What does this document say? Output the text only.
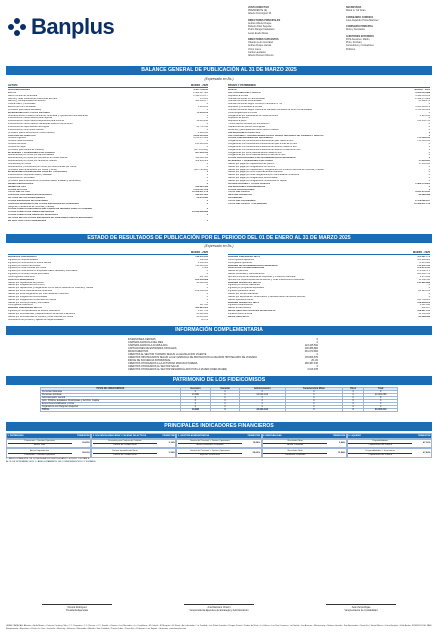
Banplus
JUNTA DIRECTIVA
PRESIDENTE (E)
Alberto Dominguez M.

DIRECTORES PRINCIPALES
Andrés Alberto Duque
Roberto Díaz Segovia
Pedro Rangel Castellano
Jesús Evelio Rivas

DIRECTORES SUPLENTES
Orlando León González
Andrés Duque Lamas
Víctor Lares
Carlos Landaeta
Alberto Romero Moreno
SECRETARIA
María G. Gil Teran

CONSEJERO JURIDICO
José Alejandro Prosa Martínez

COMISARIO PRINCIPAL
Mora y Asociados

AUDITORES EXTERNOS
RCS Asesores, Martin,
Pinto, Pozzato,
Consultores y Contadores
Públicos
BALANCE GENERAL DE PUBLICACIÓN AL 31 DE MARZO 2025
(Expresado en Bs.)
ACTIVO	MARZO - 2025
DISPONIBILIDADES	4.467.734.911
Efectivo	2.408.927.588
Banco Central de Venezuela	1.596.376.377
Bancos y otras instituciones financieras del país	179.663
Bancos y corresponsales del exterior	461.066.077
Oficina matriz y sucursales	0
Efectos de cobro inmediato	1.185.206
(Provisión para disponibilidades)	0
INVERSIONES EN TITULOS VALORES	74.356.878
Colocaciones en el Banco Central de Venezuela y Operaciones Interbancarias	0
Inversiones en títulos valores para negociar	0
Inversiones en títulos valores disponibles para la venta	39.816.298
Inversiones en títulos valores mantenidas hasta su vencimiento	0
Inversiones de disponibilidad restringida	30.772.532
Inversiones en otros títulos valores	0
(Provisión para inversiones en títulos valores)	3.968.048
CARTERA DE CRÉDITOS	6.234.411.930
Créditos vigentes	6.156.271.869
Créditos reestructurados	0
Créditos vencidos	215.606.030
Créditos en litigio	0
(Provisión para cartera de créditos)	(137.465.969)
INTERESES Y COMISIONES POR COBRAR	397.318.442
Rendimientos por cobrar por disponibilidades	0
Rendimientos por cobrar por inversiones en títulos valores	113.099.502
Rendimientos por cobrar por cartera de créditos	329.959.329
Comisiones por cobrar	0
Rendimientos y comisiones por cobrar por otras cuentas por cobrar	0
(Provisión para rendimientos por cobrar y otras)	(145.740.389)
INVERSIONES EN EMPRESAS FILIALES Y AFILIADAS	0
Inversiones en empresas filiales y afiliadas	0
Inversiones en sucursales	0
(Provisión para inversiones en empresas filiales, afiliadas y sucursales)	0
BIENES REALIZABLES	0
BIENES DE USO	643.695.580
OTROS ACTIVOS	1.652.007.019
TOTAL DEL ACTIVO	11.508.857.179
CUENTAS CONTINGENTES DEUDORAS	138.857.802
ACTIVOS DE LOS FIDEICOMISOS	23.870.890
OTROS ENCARGOS DE CONFIANZA	0
CUENTAS DEUDORAS POR OTROS ENCARGOS DE CONFIANZA	0
(Régimen Prestacional de Vivienda y Hábitat)
OTRAS CUENTAS DEUDORAS DEL FONDO DE AHORRO PARA LA VIVIENDA	0
OTRAS CUENTAS DE ORDEN DEUDORAS	13.340.239.888
OTRAS CUENTAS DE REGISTRO DEUDORAS	0
ACTIVOS DE LOS OTROS ENCARGOS DE CONFIANZA PARA OPERACIONES
EN CRIPTOACTIVOS SOBERANOS	0
PASIVO Y PATRIMONIO
PASIVO	MARZO - 2025
CAPTACIONES DEL PÚBLICO	6.652.005.699
Depósitos a la vista	6.490.603.169
Cuentas corrientes no remuneradas	2.449.373.889
Cuentas corrientes remuneradas	45.289.274
Cuentas corrientes según Convenio Cambiario N° 20	0
Depósitos y certificados a la vista	3.995.939.979
Cuentas corrientes según Sistema de Mercado Cambiario de Libre Convertibilidad	3.704.003.009
Otras obligaciones a la vista	0
Obligaciones por operaciones de mesa de dinero	8.913.912
Depósitos de ahorro	0
Depósitos a plazo	152.558.731
Títulos valores emitidos por la institución	0
Captaciones del público restringidas	0
Derechos y participaciones sobre títulos o valores	0
OBLIGACIONES CON EL BCV	0
CAPTACIONES Y OBLIGACIONES CON EL BANCO NACIONAL DE VIVIENDA Y HÁBITAT	0
OTROS FINANCIAMIENTOS OBTENIDOS	751.583.014
Obligaciones con instituciones financieras del país hasta un año	751.583.014
Obligaciones con instituciones financieras del país a más de un año	0
Obligaciones con instituciones financieras del exterior hasta un año	0
Obligaciones con instituciones financieras del exterior a más de un año	0
Obligaciones por otros financiamientos hasta un año	0
Obligaciones por otros financiamientos a más de un año	0
OTRAS OBLIGACIONES POR INTERMEDIACIÓN FINANCIERA	0
INTERESES Y COMISIONES POR PAGAR	17.330.991
Gastos por pagar por captaciones del público	17.330.991
Gastos por pagar por obligaciones con el BCV	0
Gastos por pagar por captaciones y obligaciones con el Banco Nacional de Vivienda y Hábitat	0
Gastos por pagar por otros financiamientos obtenidos	0
Gastos por pagar por otras obligaciones por intermediación financiera	0
Gastos por pagar por obligaciones subordinadas	0
Gastos por pagar por obligaciones convertibles en capital	0
ACUMULACIONES Y OTROS PASIVOS	1.388.176.804
OBLIGACIONES SUBORDINADAS	0
OTRAS OBLIGACIONES	0
TOTAL DEL PASIVO	8.841.376.911
GESTIÓN OPERATIVA	94.088.698
PATRIMONIO
TOTAL DEL PATRIMONIO	2.479.092.267
TOTAL DEL PASIVO Y PATRIMONIO	11.508.857.178
ESTADO DE RESULTADOS DE PUBLICACIÓN POR EL PERIODO DEL 01 DE ENERO AL 31 DE MARZO 2025
(Expresado en Bs.)
MARZO - 2025
INGRESOS FINANCIEROS	798.351.810
Ingresos por disponibilidades	132.914
Ingresos por inversiones en títulos valores	3.469.365
Ingresos por cartera de créditos	793.319.630
Ingresos por otras cuentas por cobrar	1.389
Ingresos por inversiones en empresas filiales, afiliadas y sucursales	0
Ingresos por oficina principal sucursales	0
Otros ingresos financieros	267.535
GASTOS FINANCIEROS	265.356.399
Gastos por captaciones del público	46.099.840
Gastos por obligaciones con el BCV	0
Gastos por captaciones y obligaciones con el Banco Nacional de Vivienda y Hábitat	0
Gastos por otros financiamientos obtenidos	219.059.016
Gastos por otras obligaciones por intermediación financiera	0
Gastos por obligaciones subordinadas	0
Gastos por obligaciones convertibles en capital	0
Gastos por oficina principal y sucursales	0
Otros gastos financieros	197.543
MARGEN FINANCIERO BRUTO	532.995.522
Ingresos por recuperaciones de activos financieros	1.417.722
Gastos por incobrabilidad y desvalorización de activos financieros	60.116.463
Gastos por incobrabilidad de créditos y otras cuentas por cobrar	60.064.884
Constitución de provisión y ajustes de disponibilidades	51.579
MARZO - 2025
MARGEN FINANCIERO NETO	474.297.773
Otros ingresos operativos	306.269.825
Otros gastos operativos	75.213.808
MARGEN DE INTERMEDIACIÓN FINANCIERA	705.351.790
GASTOS DE TRANSFORMACIÓN	373.974.795
Gastos de personal	271.062.571
Gastos Generales y Administrativos	201.068.769
Aportes al Fondo de Garantía de Depósitos y Protección Bancaria	9.975.406
Aportes a la Superintendencia de Bancos y Otras Instituciones Financieras	11.568.114
MARGEN OPERATIVO BRUTO	244.922.990
Ingresos por bienes realizables	0
Ingresos por programas especiales	0
Ingresos operativos varios	64.923.015
Gastos por bienes realizables	0
Gastos por depreciación, amortización y desvalorización de bienes diversos	0
Gastos operativos varios	190.739.006
MARGEN OPERATIVO NETO	109.808.953
Ingresos extraordinarios	1.121.940
Gastos extraordinarios	262.107
RESULTADO BRUTO ANTES DE IMPUESTO	109.627.144
Impuesto sobre la renta	15.538.464
RESULTADO NETO	94.088.698
INFORMACIÓN COMPLEMENTARIA
INVERSIONES CEDIDAS	0
CARTERA AGRÍCOLA DEL MES	0
CARTERA AGRÍCOLA ACUMULADA	123.445.592
CAPTACIONES DE ENTIDADES OFICIALES	106.388.884
MICROCRÉDITOS	361.070.962
CRÉDITOS AL SECTOR TURISMO SEGÚN LA LEGISLACIÓN VIGENTE	0
CRÉDITOS HIPOTECARIOS SEGÚN LA LEY ESPECIAL DE PROTECCIÓN AL DEUDOR HIPOTECARIO DE VIVIENDA	135.806.879
ÍNDICE DE SOLVENCIA PATRIMONIAL	26,1%
CRÉDITOS OTORGADOS A LA ACTIVIDAD MANUFACTURERA	266.387.445
CRÉDITOS OTORGADOS AL SECTOR SALUD	0
CRÉDITOS OTORGADOS AL SECTOR DESARROLLADO POR LA MUJER (CRED-MUJER)	3.016.978
PATRIMONIO DE LOS FIDEICOMISOS
TIPOS DE FIDEICOMISOS	Inversión	Garantía	Administración	Característica Mixta	Otros	Total
Personas Naturales	0	0	0	0	0	0
Personas Jurídicas	13.088	0	24.091.192	0	0	24.004.280
Administración Central	0	0	0	0	0	0
Adm. Pública, Estadales, Municipales y del Dtto. Capital	0	0	0	0	0	0
Entes Descentralizados y Otros	0	0	0	0	0	0
Organismos con Régimen Especial	0	0	0	0	0	0
TOTAL	13.088	0	24.091.192	0	0	24.004.310
PRINCIPALES INDICADORES FINANCIEROS
1. PATRIMONIO	TRIMESTRE
Patrimonio + Gestión Operativa
Activo Total
29,83%
Activo Improductivo
Patrimonio + Gestión Operativa
99,63%
2. SOLVENCIA BANCARIA Y CALIDAD DE ACTIVOS	TRIMESTRE
Provisión para Cartera de Créditos
Cartera de Crédito Bruta
2,16%
Cartera Inmovilizada Bruta
Cartera de Crédito Bruta
3,38%
3. GESTIÓN ADMINISTRATIVA	TRIMESTRE
Gastos de Personal + Gastos Operativos
Activo Productivo Promedio
19,89%
Gastos de Personal + Gastos Operativos
Ingresos Financieros
59,63%
4. RENTABILIDAD	TRIMESTRE
Resultado Neto
Activo Promedio
3,44%
Resultado Neto
Patrimonio Promedio
15,94%
5. LIQUIDEZ	TRIMESTRE
Disponibilidades
Captaciones del Público
67,16%
Disponibilidades + Inversiones
Captaciones del Público
67,64%
1.- ABSOLUTAMENTE: SE CONSIDERA SOLVENTE A BANCO SÓLIDO Y ESTABLE
AL 31 DE DICIEMBRE 2024: 1.- ABSOLUTAMENTE: SE CONSIDERA SÓLIDO Y ESTABLE
Victoria Rodríguez
Presidenta Ejecutiva
Ana Manzano Chacín
Vicepresidenta Ejecutiva de Estrategia y Administración
Juan Zerpa Rojas
Vicepresidente de Contabilidad
GRAN CARACAS: Altamira • Bello Monte • Caracas Country Club • C.C. Propatria • C.C. Recreo • C.C. Sambil • Chacao • Las Mercedes • La Castellana • El Cafetal • El Marqués • El Rosal • Av. Libertador • La Trinidad • Los Palos Grandes • Parque Cristal • Prados del Este • La Urbina • Los Dos Caminos • La Florida • Las Acacias • Macaracuay • Sabana Grande • San Bernardino • Santa Fe • Santa Mónica • Torre Banplus • Valle Arriba. INTERIOR DEL PAÍS: Barquisimeto • Barcelona • Puerto La Cruz • Lechería • Maracay • Valencia • Maracaibo • Mérida • San Cristóbal • Puerto Ordaz • Punto Fijo • Porlamar • Los Teques • Guarenas. www.banplus.com
